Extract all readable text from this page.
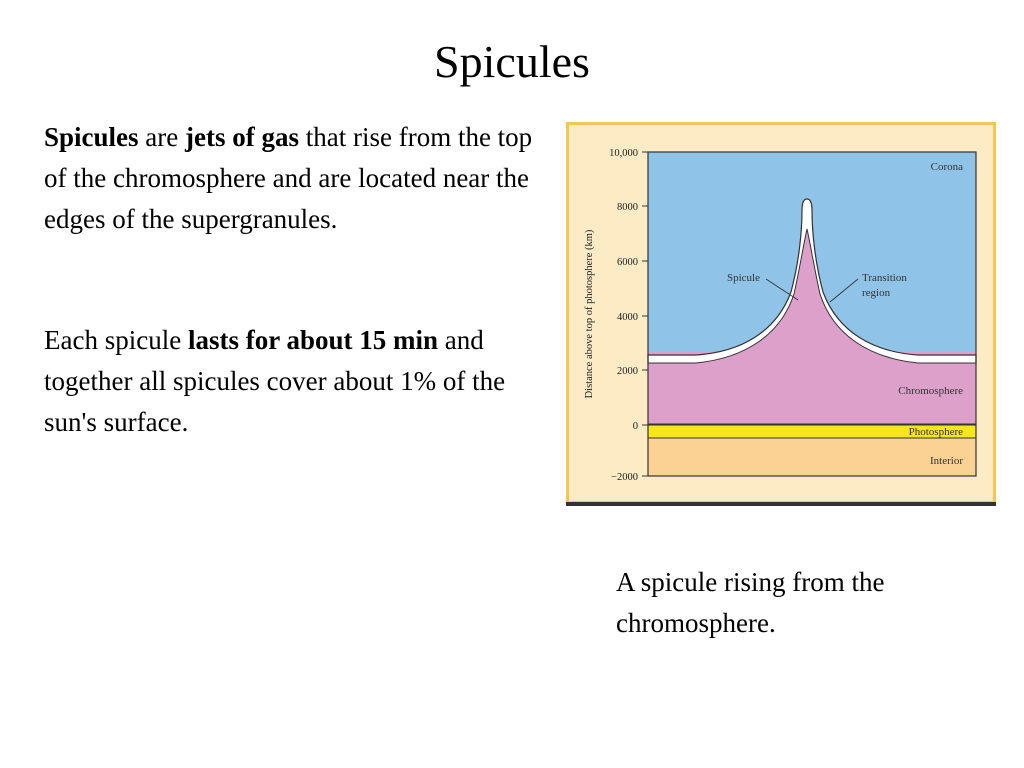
Spicules

Spicules are jets of gas that rise from the top of the chromosphere and are located near the edges of the supergranules.

Each spicule lasts for about 15 min and together all spicules cover about 1% of the sun's surface.

10,000
8000
6000
4000
2000
0
−2000
Distance above top of photosphere (km)
Corona
Chromosphere
Photosphere
Interior
Spicule	Transition
region

A spicule rising from the chromosphere.
